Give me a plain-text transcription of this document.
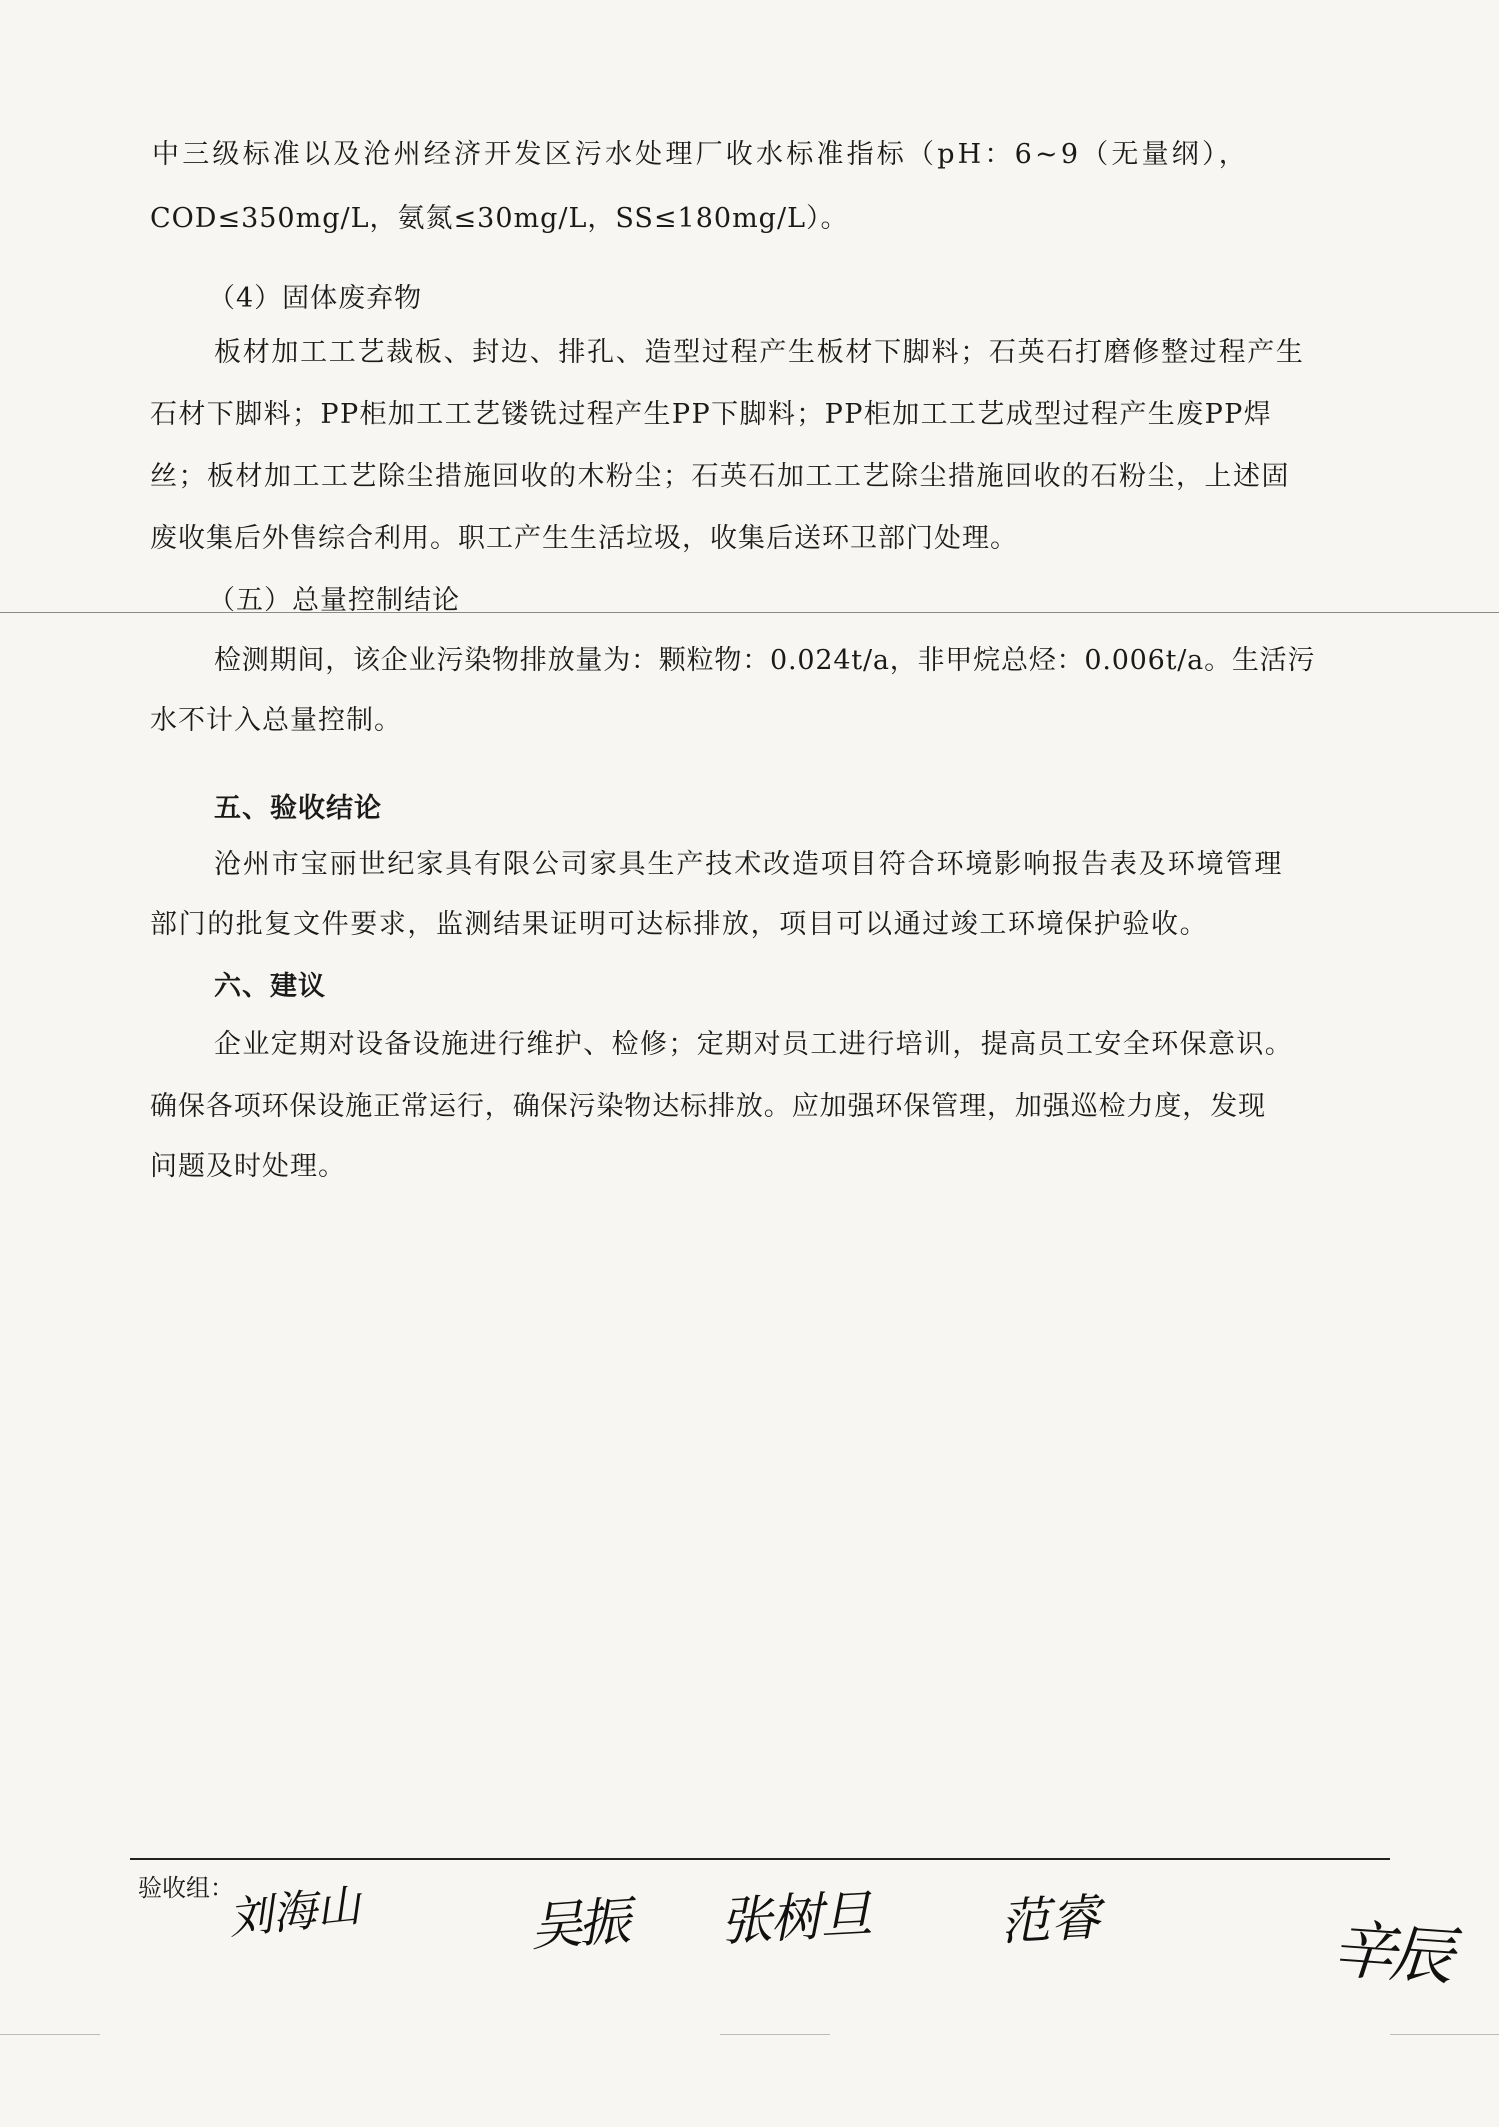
中三级标准以及沧州经济开发区污水处理厂收水标准指标（pH：6~9（无量纲），
COD≤350mg/L，氨氮≤30mg/L，SS≤180mg/L）。
（4）固体废弃物
板材加工工艺裁板、封边、排孔、造型过程产生板材下脚料；石英石打磨修整过程产生
石材下脚料；PP柜加工工艺镂铣过程产生PP下脚料；PP柜加工工艺成型过程产生废PP焊
丝；板材加工工艺除尘措施回收的木粉尘；石英石加工工艺除尘措施回收的石粉尘，上述固
废收集后外售综合利用。职工产生生活垃圾，收集后送环卫部门处理。
（五）总量控制结论
检测期间，该企业污染物排放量为：颗粒物：0.024t/a，非甲烷总烃：0.006t/a。生活污
水不计入总量控制。
五、验收结论
沧州市宝丽世纪家具有限公司家具生产技术改造项目符合环境影响报告表及环境管理
部门的批复文件要求，监测结果证明可达标排放，项目可以通过竣工环境保护验收。
六、建议
企业定期对设备设施进行维护、检修；定期对员工进行培训，提高员工安全环保意识。
确保各项环保设施正常运行，确保污染物达标排放。应加强环保管理，加强巡检力度，发现
问题及时处理。
验收组：
刘海山	吴振 张树旦	范睿	辛辰
